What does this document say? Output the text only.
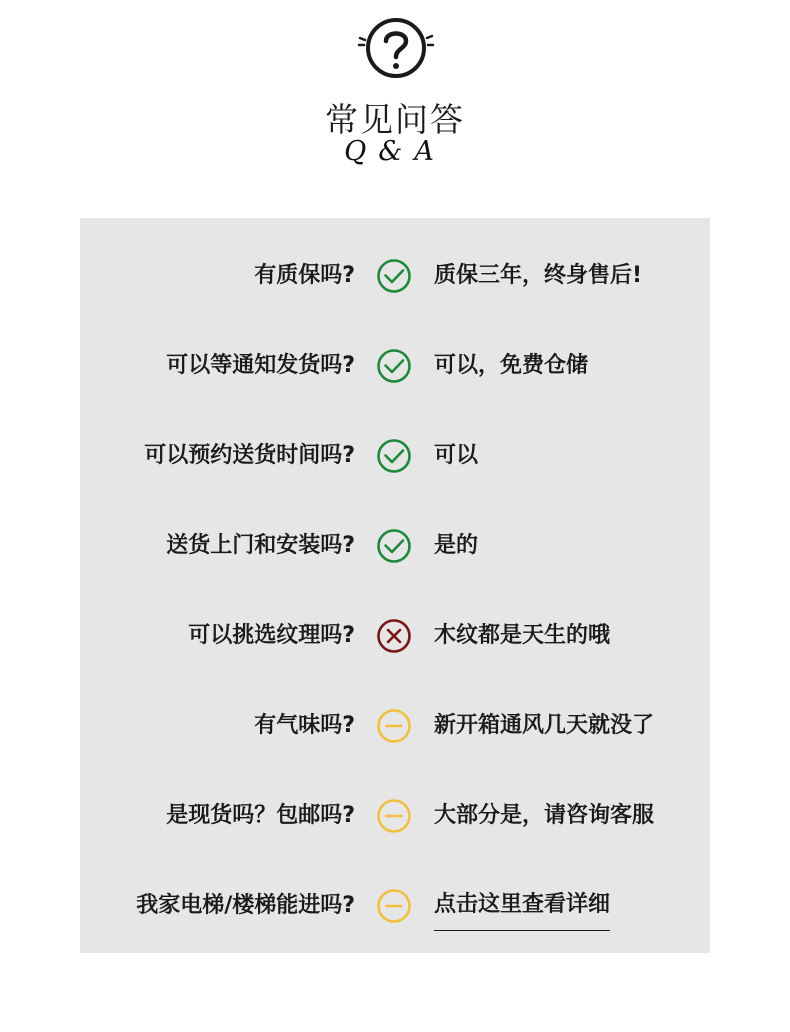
常见问答
Q&A
有质保吗?	质保三年，终身售后!
可以等通知发货吗?	可以，免费仓储
可以预约送货时间吗?	可以
送货上门和安装吗?	是的
可以挑选纹理吗?	木纹都是天生的哦
有气味吗?	新开箱通风几天就没了
是现货吗？包邮吗?	大部分是，请咨询客服
我家电梯/楼梯能进吗?	点击这里查看详细
